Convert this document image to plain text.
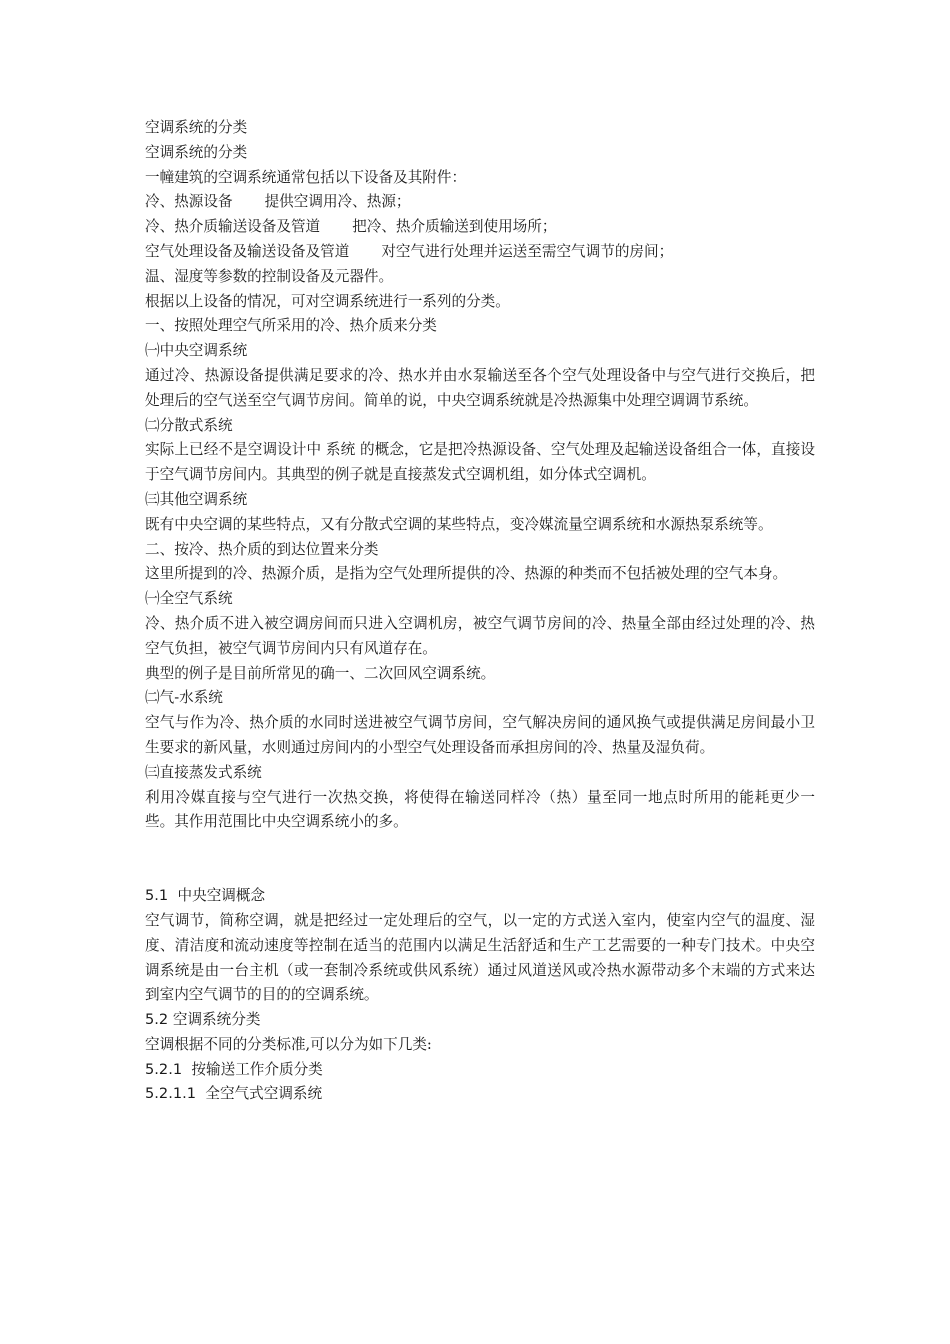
空调系统的分类

空调系统的分类

一幢建筑的空调系统通常包括以下设备及其附件：

冷、热源设备 提供空调用冷、热源；

冷、热介质输送设备及管道 把冷、热介质输送到使用场所；

空气处理设备及输送设备及管道 对空气进行处理并运送至需空气调节的房间；

温、湿度等参数的控制设备及元器件。

根据以上设备的情况，可对空调系统进行一系列的分类。

一、按照处理空气所采用的冷、热介质来分类

㈠中央空调系统

通过冷、热源设备提供满足要求的冷、热水并由水泵输送至各个空气处理设备中与空气进行交换后，把处理后的空气送至空气调节房间。简单的说，中央空调系统就是冷热源集中处理空调调节系统。

㈡分散式系统

实际上已经不是空调设计中 系统 的概念，它是把冷热源设备、空气处理及起输送设备组合一体，直接设于空气调节房间内。其典型的例子就是直接蒸发式空调机组，如分体式空调机。

㈢其他空调系统

既有中央空调的某些特点，又有分散式空调的某些特点，变冷媒流量空调系统和水源热泵系统等。

二、按冷、热介质的到达位置来分类

这里所提到的冷、热源介质，是指为空气处理所提供的冷、热源的种类而不包括被处理的空气本身。

㈠全空气系统

冷、热介质不进入被空调房间而只进入空调机房，被空气调节房间的冷、热量全部由经过处理的冷、热空气负担，被空气调节房间内只有风道存在。

典型的例子是目前所常见的确一、二次回风空调系统。

㈡气-水系统

空气与作为冷、热介质的水同时送进被空气调节房间，空气解决房间的通风换气或提供满足房间最小卫生要求的新风量，水则通过房间内的小型空气处理设备而承担房间的冷、热量及湿负荷。

㈢直接蒸发式系统

利用冷媒直接与空气进行一次热交换，将使得在输送同样冷（热）量至同一地点时所用的能耗更少一些。其作用范围比中央空调系统小的多。

5.1 中央空调概念

空气调节，简称空调，就是把经过一定处理后的空气，以一定的方式送入室内，使室内空气的温度、湿度、清洁度和流动速度等控制在适当的范围内以满足生活舒适和生产工艺需要的一种专门技术。中央空调系统是由一台主机（或一套制冷系统或供风系统）通过风道送风或冷热水源带动多个末端的方式来达到室内空气调节的目的的空调系统。

5.2 空调系统分类

空调根据不同的分类标准,可以分为如下几类:

5.2.1 按输送工作介质分类

5.2.1.1 全空气式空调系统
